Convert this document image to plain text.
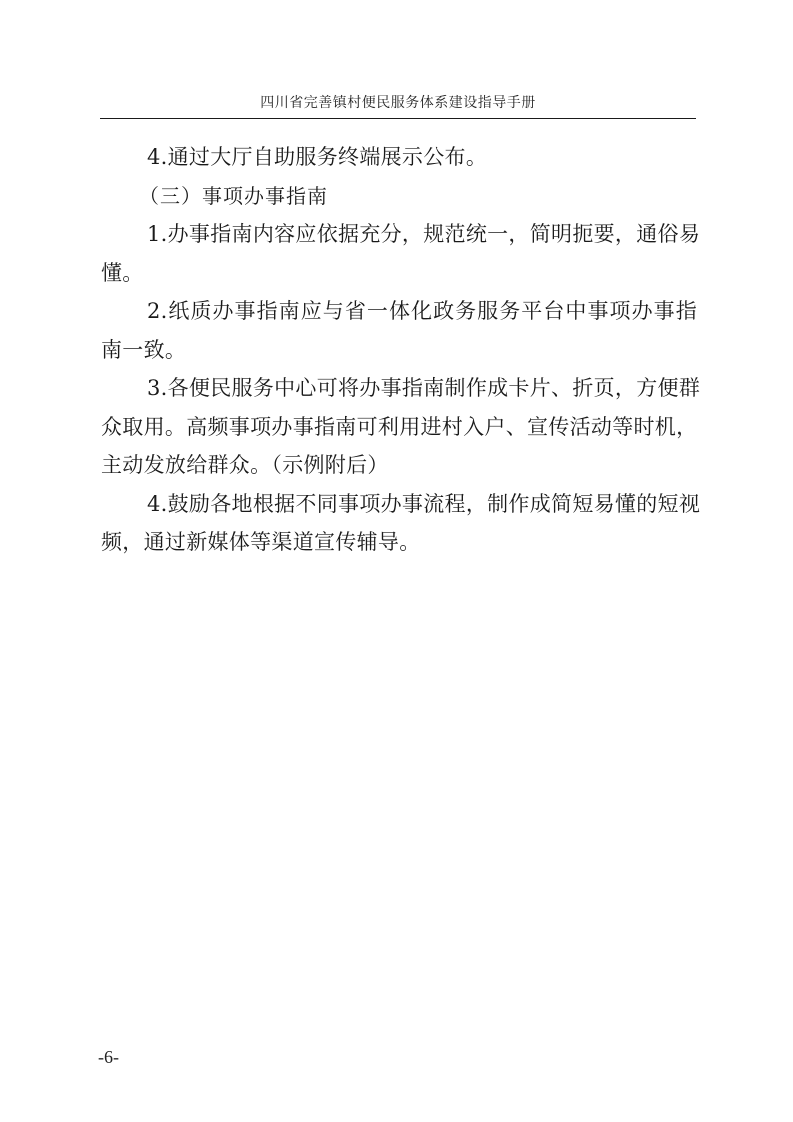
四川省完善镇村便民服务体系建设指导手册
4.通过大厅自助服务终端展示公布。
（三）事项办事指南
1.办事指南内容应依据充分，规范统一，简明扼要，通俗易
懂。
2.纸质办事指南应与省一体化政务服务平台中事项办事指
南一致。
3.各便民服务中心可将办事指南制作成卡片、折页，方便群
众取用。高频事项办事指南可利用进村入户、宣传活动等时机，
主动发放给群众。（示例附后）
4.鼓励各地根据不同事项办事流程，制作成简短易懂的短视
频，通过新媒体等渠道宣传辅导。
-6-
